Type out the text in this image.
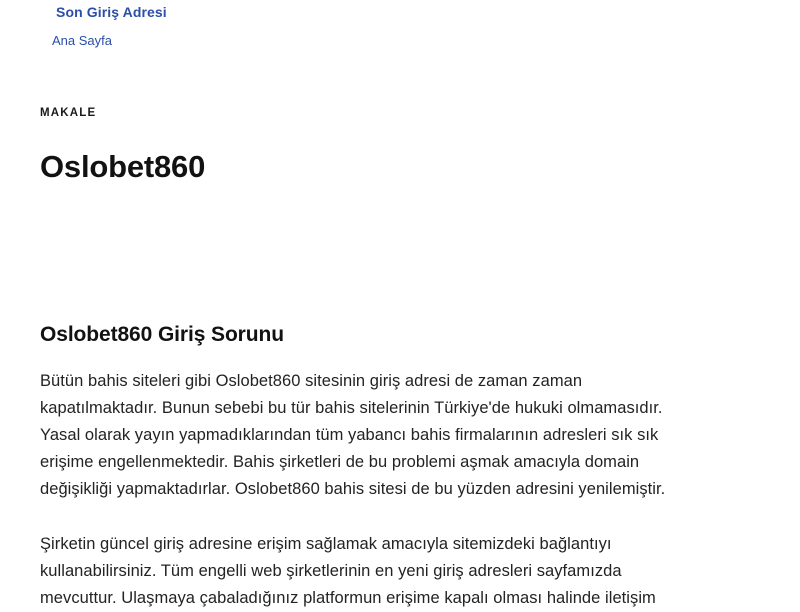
Son Giriş Adresi
Ana Sayfa
MAKALE
Oslobet860
Oslobet860 Giriş Sorunu

Bütün bahis siteleri gibi Oslobet860 sitesinin giriş adresi de zaman zaman kapatılmaktadır. Bunun sebebi bu tür bahis sitelerinin Türkiye'de hukuki olmamasıdır. Yasal olarak yayın yapmadıklarından tüm yabancı bahis firmalarının adresleri sık sık erişime engellenmektedir. Bahis şirketleri de bu problemi aşmak amacıyla domain değişikliği yapmaktadırlar. Oslobet860 bahis sitesi de bu yüzden adresini yenilemiştir.

Şirketin güncel giriş adresine erişim sağlamak amacıyla sitemizdeki bağlantıyı kullanabilirsiniz. Tüm engelli web şirketlerinin en yeni giriş adresleri sayfamızda mevcuttur. Ulaşmaya çabaladığınız platformun erişime kapalı olması halinde iletişim
